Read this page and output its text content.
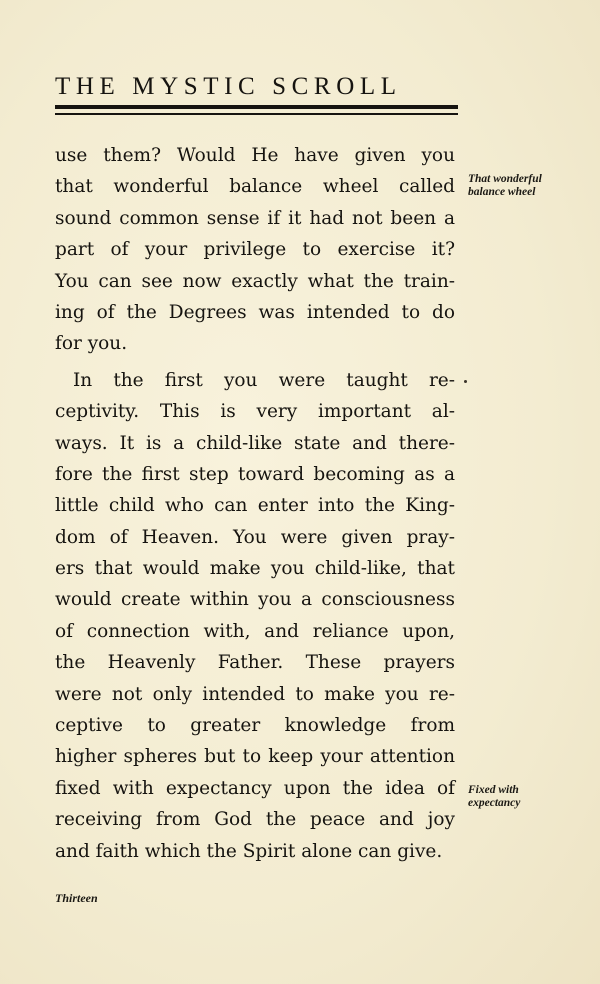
THE MYSTIC SCROLL
use them? Would He have given you
that wonderful balance wheel called
sound common sense if it had not been a
part of your privilege to exercise it?
You can see now exactly what the train-
ing of the Degrees was intended to do
for you.
In the first you were taught re-
ceptivity. This is very important al-
ways. It is a child-like state and there-
fore the first step toward becoming as a
little child who can enter into the King-
dom of Heaven. You were given pray-
ers that would make you child-like, that
would create within you a consciousness
of connection with, and reliance upon,
the Heavenly Father. These prayers
were not only intended to make you re-
ceptive to greater knowledge from
higher spheres but to keep your attention
fixed with expectancy upon the idea of
receiving from God the peace and joy
and faith which the Spirit alone can give.
That wonderful
balance wheel
Fixed with
expectancy
Thirteen
